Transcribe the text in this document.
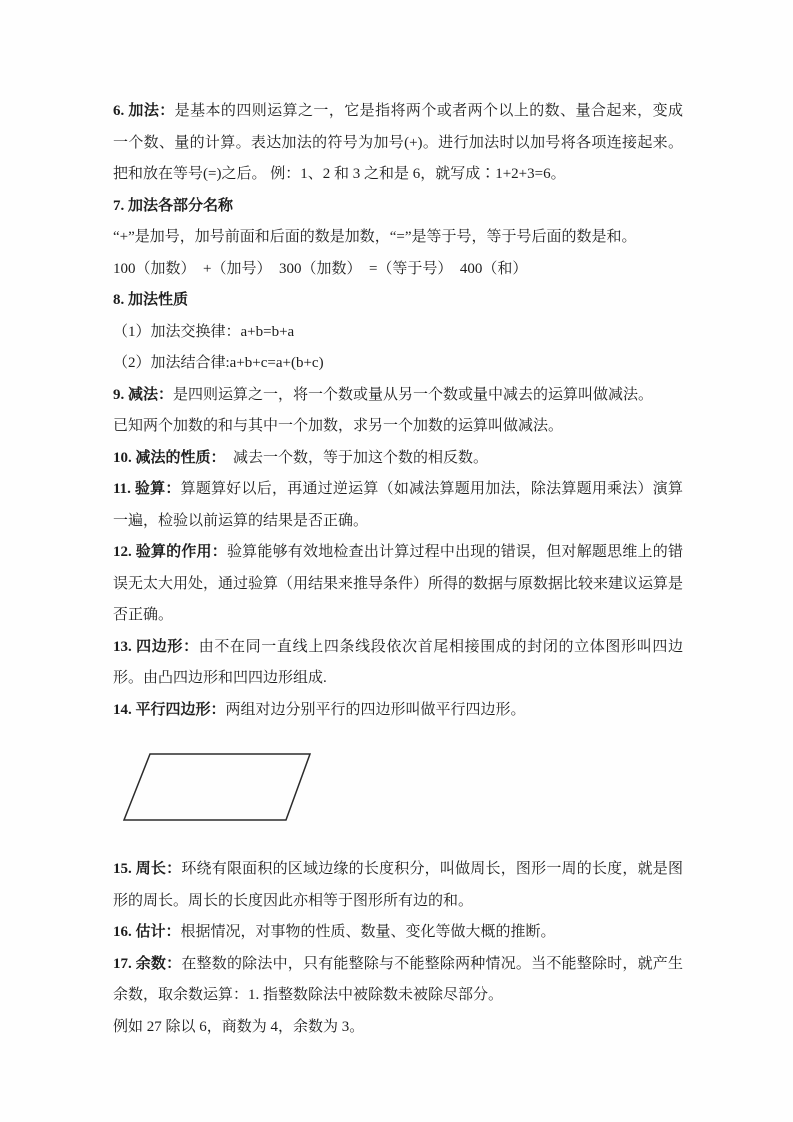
6. 加法：是基本的四则运算之一，它是指将两个或者两个以上的数、量合起来，变成一个数、量的计算。表达加法的符号为加号(+)。进行加法时以加号将各项连接起来。把和放在等号(=)之后。 例：1、2 和 3 之和是 6，就写成∶1+2+3=6。

7. 加法各部分名称

“+”是加号，加号前面和后面的数是加数，“=”是等于号，等于号后面的数是和。

100（加数）　+（加号）　300（加数）　=（等于号）　400（和）

8. 加法性质

（1）加法交换律：a+b=b+a

（2）加法结合律:a+b+c=a+(b+c)

9. 减法：是四则运算之一，将一个数或量从另一个数或量中减去的运算叫做减法。

已知两个加数的和与其中一个加数，求另一个加数的运算叫做减法。

10. 减法的性质：　减去一个数，等于加这个数的相反数。

11. 验算：算题算好以后，再通过逆运算（如减法算题用加法，除法算题用乘法）演算一遍，检验以前运算的结果是否正确。

12. 验算的作用：验算能够有效地检查出计算过程中出现的错误，但对解题思维上的错误无太大用处，通过验算（用结果来推导条件）所得的数据与原数据比较来建议运算是否正确。

13. 四边形：由不在同一直线上四条线段依次首尾相接围成的封闭的立体图形叫四边形。由凸四边形和凹四边形组成.

14. 平行四边形：两组对边分别平行的四边形叫做平行四边形。

15. 周长：环绕有限面积的区域边缘的长度积分，叫做周长，图形一周的长度，就是图形的周长。周长的长度因此亦相等于图形所有边的和。

16. 估计：根据情况，对事物的性质、数量、变化等做大概的推断。

17. 余数：在整数的除法中，只有能整除与不能整除两种情况。当不能整除时，就产生余数，取余数运算：1. 指整数除法中被除数未被除尽部分。

例如 27 除以 6，商数为 4，余数为 3。
